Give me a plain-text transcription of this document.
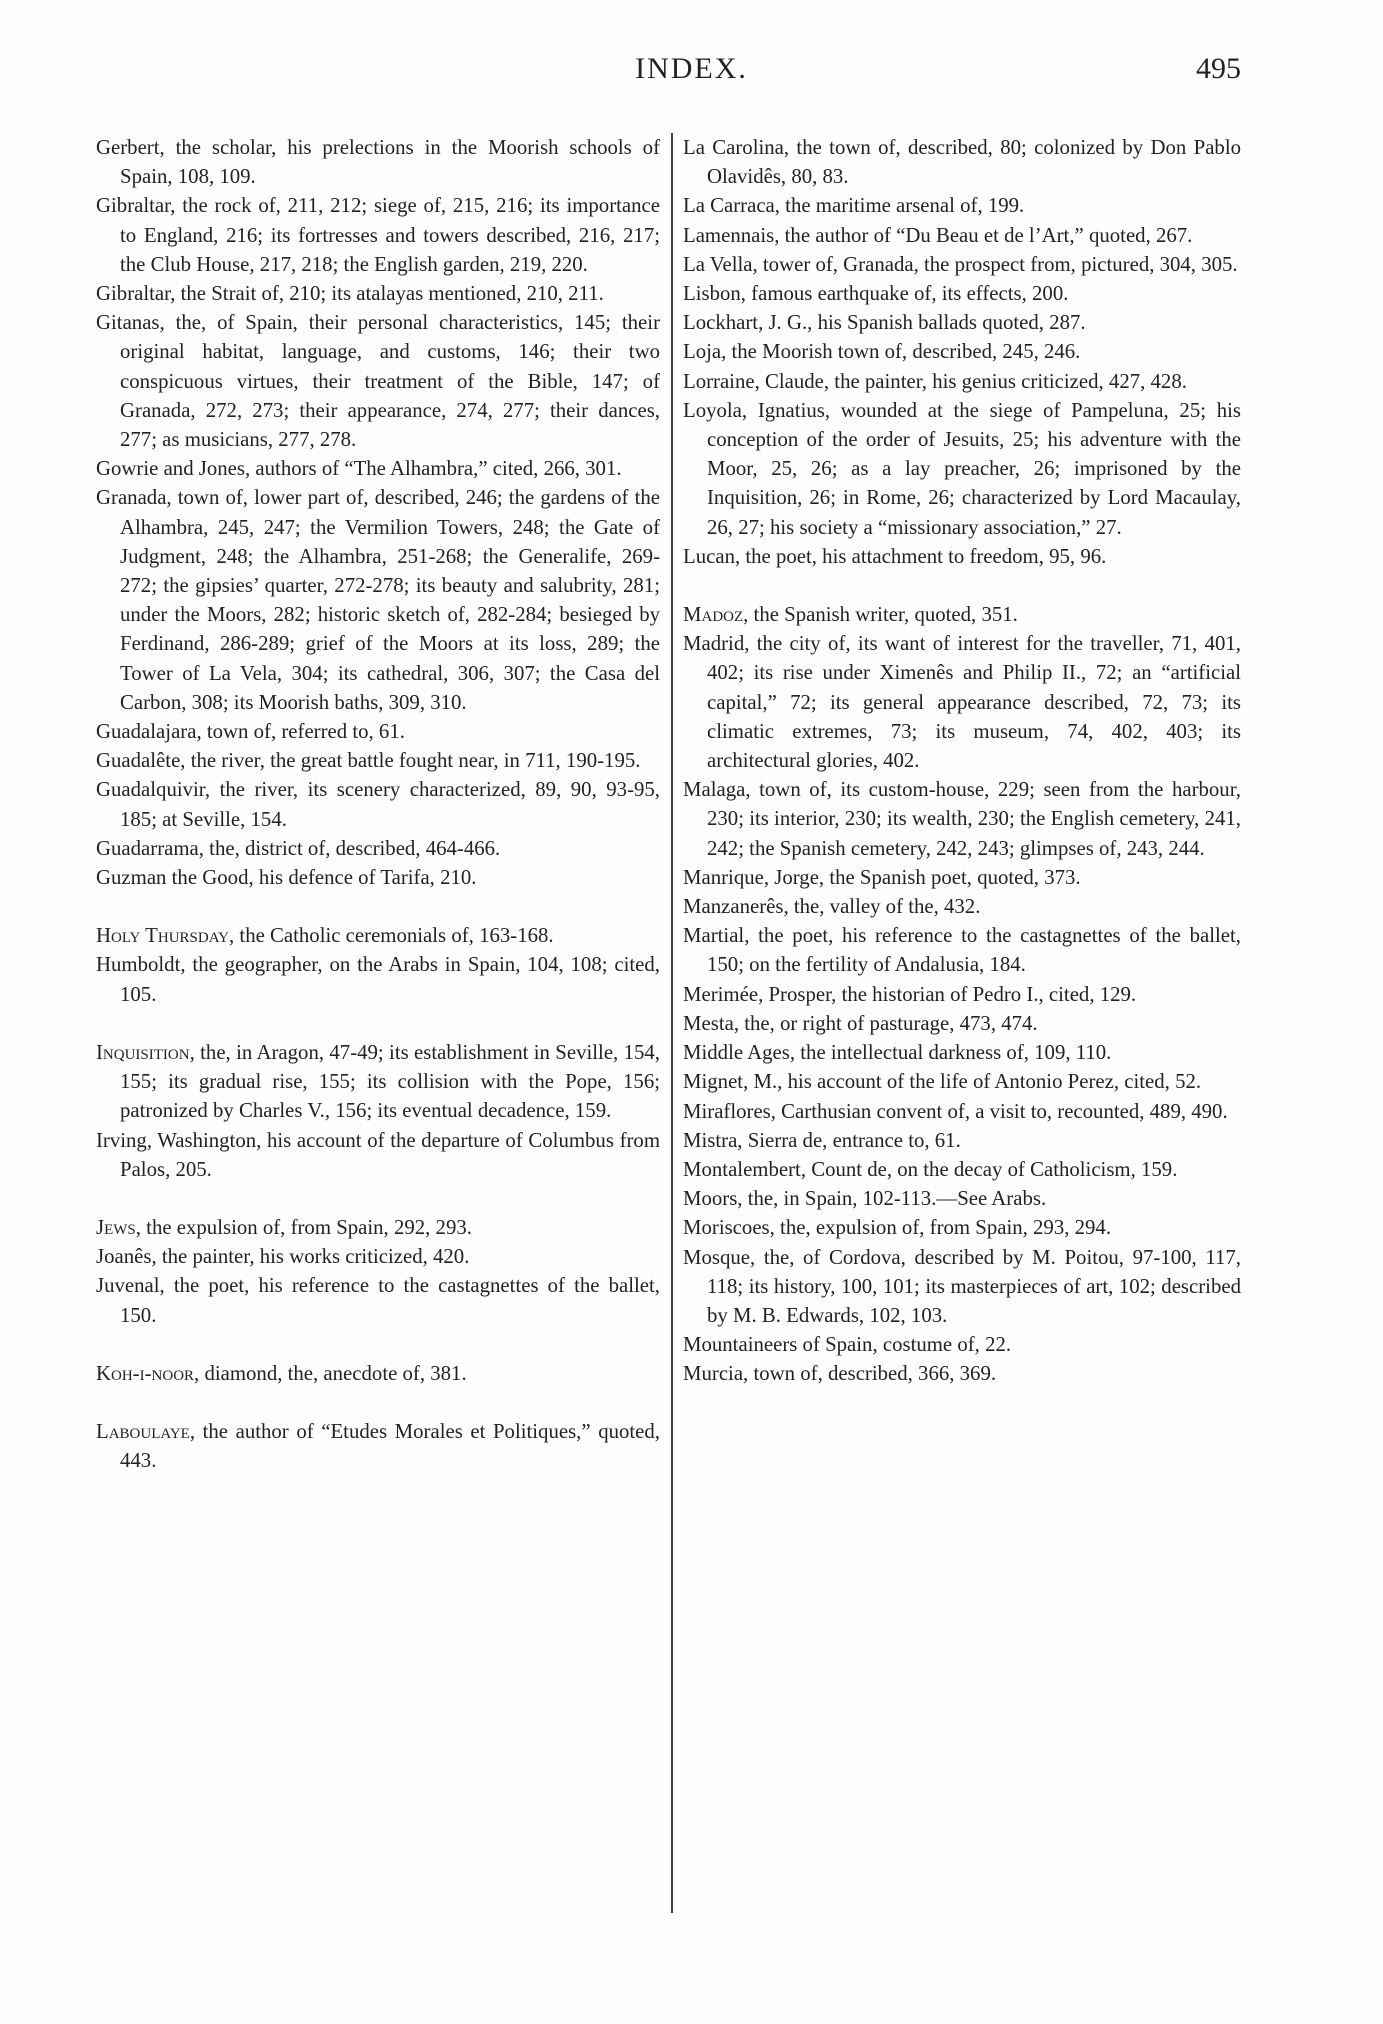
INDEX.	495

Gerbert, the scholar, his prelections in the Moorish schools of Spain, 108, 109.

Gibraltar, the rock of, 211, 212; siege of, 215, 216; its importance to England, 216; its fortresses and towers described, 216, 217; the Club House, 217, 218; the English garden, 219, 220.

Gibraltar, the Strait of, 210; its atalayas mentioned, 210, 211.

Gitanas, the, of Spain, their personal characteristics, 145; their original habitat, language, and customs, 146; their two conspicuous virtues, their treatment of the Bible, 147; of Granada, 272, 273; their appearance, 274, 277; their dances, 277; as musicians, 277, 278.

Gowrie and Jones, authors of “The Alhambra,” cited, 266, 301.

Granada, town of, lower part of, described, 246; the gardens of the Alhambra, 245, 247; the Vermilion Towers, 248; the Gate of Judgment, 248; the Alhambra, 251-268; the Generalife, 269-272; the gipsies’ quarter, 272-278; its beauty and salubrity, 281; under the Moors, 282; historic sketch of, 282-284; besieged by Ferdinand, 286-289; grief of the Moors at its loss, 289; the Tower of La Vela, 304; its cathedral, 306, 307; the Casa del Carbon, 308; its Moorish baths, 309, 310.

Guadalajara, town of, referred to, 61.

Guadalête, the river, the great battle fought near, in 711, 190-195.

Guadalquivir, the river, its scenery characterized, 89, 90, 93-95, 185; at Seville, 154.

Guadarrama, the, district of, described, 464-466.

Guzman the Good, his defence of Tarifa, 210.

Holy Thursday, the Catholic ceremonials of, 163-168.

Humboldt, the geographer, on the Arabs in Spain, 104, 108; cited, 105.

Inquisition, the, in Aragon, 47-49; its establishment in Seville, 154, 155; its gradual rise, 155; its collision with the Pope, 156; patronized by Charles V., 156; its eventual decadence, 159.

Irving, Washington, his account of the departure of Columbus from Palos, 205.

Jews, the expulsion of, from Spain, 292, 293.

Joanês, the painter, his works criticized, 420.

Juvenal, the poet, his reference to the castagnettes of the ballet, 150.

Koh-i-noor, diamond, the, anecdote of, 381.

Laboulaye, the author of “Etudes Morales et Politiques,” quoted, 443.

La Carolina, the town of, described, 80; colonized by Don Pablo Olavidês, 80, 83.

La Carraca, the maritime arsenal of, 199.

Lamennais, the author of “Du Beau et de l’Art,” quoted, 267.

La Vella, tower of, Granada, the prospect from, pictured, 304, 305.

Lisbon, famous earthquake of, its effects, 200.

Lockhart, J. G., his Spanish ballads quoted, 287.

Loja, the Moorish town of, described, 245, 246.

Lorraine, Claude, the painter, his genius criticized, 427, 428.

Loyola, Ignatius, wounded at the siege of Pampeluna, 25; his conception of the order of Jesuits, 25; his adventure with the Moor, 25, 26; as a lay preacher, 26; imprisoned by the Inquisition, 26; in Rome, 26; characterized by Lord Macaulay, 26, 27; his society a “missionary association,” 27.

Lucan, the poet, his attachment to freedom, 95, 96.

Madoz, the Spanish writer, quoted, 351.

Madrid, the city of, its want of interest for the traveller, 71, 401, 402; its rise under Ximenês and Philip II., 72; an “artificial capital,” 72; its general appearance described, 72, 73; its climatic extremes, 73; its museum, 74, 402, 403; its architectural glories, 402.

Malaga, town of, its custom-house, 229; seen from the harbour, 230; its interior, 230; its wealth, 230; the English cemetery, 241, 242; the Spanish cemetery, 242, 243; glimpses of, 243, 244.

Manrique, Jorge, the Spanish poet, quoted, 373.

Manzanerês, the, valley of the, 432.

Martial, the poet, his reference to the castagnettes of the ballet, 150; on the fertility of Andalusia, 184.

Merimée, Prosper, the historian of Pedro I., cited, 129.

Mesta, the, or right of pasturage, 473, 474.

Middle Ages, the intellectual darkness of, 109, 110.

Mignet, M., his account of the life of Antonio Perez, cited, 52.

Miraflores, Carthusian convent of, a visit to, recounted, 489, 490.

Mistra, Sierra de, entrance to, 61.

Montalembert, Count de, on the decay of Catholicism, 159.

Moors, the, in Spain, 102-113.—See Arabs.

Moriscoes, the, expulsion of, from Spain, 293, 294.

Mosque, the, of Cordova, described by M. Poitou, 97-100, 117, 118; its history, 100, 101; its masterpieces of art, 102; described by M. B. Edwards, 102, 103.

Mountaineers of Spain, costume of, 22.

Murcia, town of, described, 366, 369.
